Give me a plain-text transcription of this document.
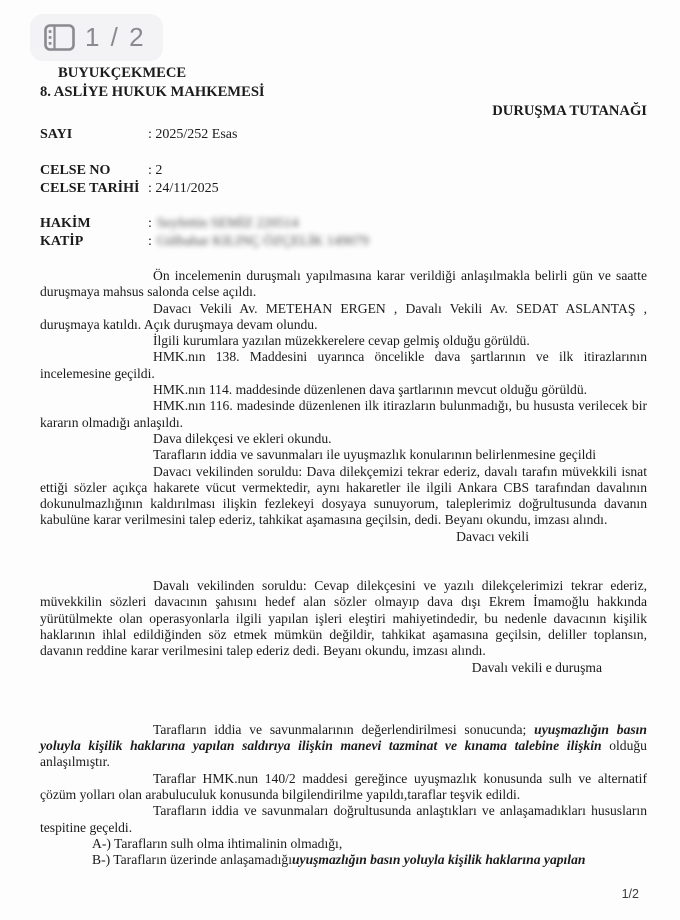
1 / 2
BUYUKÇEKMECE
8. ASLİYE HUKUK MAHKEMESİ
DURUŞMA TUTANAĞI
SAYI	: 2025/252 Esas
CELSE NO	: 2
CELSE TARİHİ : 24/11/2025
HAKİM	: Seyfettin SEMİZ 220514
KATİP	: Gülbahar KILINÇ ÖZÇELİK 149079

Ön incelemenin duruşmalı yapılmasına karar verildiği anlaşılmakla belirli gün ve saatte duruşmaya mahsus salonda celse açıldı.

Davacı Vekili Av. METEHAN ERGEN , Davalı Vekili Av. SEDAT ASLANTAŞ , duruşmaya katıldı. Açık duruşmaya devam olundu.

İlgili kurumlara yazılan müzekkerelere cevap gelmiş olduğu görüldü.

HMK.nın 138. Maddesini uyarınca öncelikle dava şartlarının ve ilk itirazlarının incelemesine geçildi.

HMK.nın 114. maddesinde düzenlenen dava şartlarının mevcut olduğu görüldü.

HMK.nın 116. madesinde düzenlenen ilk itirazların bulunmadığı, bu hususta verilecek bir kararın olmadığı anlaşıldı.

Dava dilekçesi ve ekleri okundu.

Tarafların iddia ve savunmaları ile uyuşmazlık konularının belirlenmesine geçildi

Davacı vekilinden soruldu: Dava dilekçemizi tekrar ederiz, davalı tarafın müvekkili isnat ettiği sözler açıkça hakarete vücut vermektedir, aynı hakaretler ile ilgili Ankara CBS tarafından davalının dokunulmazlığının kaldırılması ilişkin fezlekeyi dosyaya sunuyorum, taleplerimiz doğrultusunda davanın kabulüne karar verilmesini talep ederiz, tahkikat aşamasına geçilsin, dedi. Beyanı okundu, imzası alındı.

Davacı vekili

Davalı vekilinden soruldu: Cevap dilekçesini ve yazılı dilekçelerimizi tekrar ederiz, müvekkilin sözleri davacının şahısını hedef alan sözler olmayıp dava dışı Ekrem İmamoğlu hakkında yürütülmekte olan operasyonlarla ilgili yapılan işleri eleştiri mahiyetindedir, bu nedenle davacının kişilik haklarının ihlal edildiğinden söz etmek mümkün değildir, tahkikat aşamasına geçilsin, deliller toplansın, davanın reddine karar verilmesini talep ederiz dedi. Beyanı okundu, imzası alındı.

Davalı vekili e duruşma

Tarafların iddia ve savunmalarının değerlendirilmesi sonucunda; uyuşmazlığın basın yoluyla kişilik haklarına yapılan saldırıya ilişkin manevi tazminat ve kınama talebine ilişkin olduğu anlaşılmıştır.

Taraflar HMK.nun 140/2 maddesi gereğince uyuşmazlık konusunda sulh ve alternatif çözüm yolları olan arabuluculuk konusunda bilgilendirilme yapıldı,taraflar teşvik edildi.

Tarafların iddia ve savunmaları doğrultusunda anlaştıkları ve anlaşamadıkları hususların tespitine geçeldi.

A-) Tarafların sulh olma ihtimalinin olmadığı,

B-) Tarafların üzerinde anlaşamadığıuyuşmazlığın basın yoluyla kişilik haklarına yapılan

1/2
